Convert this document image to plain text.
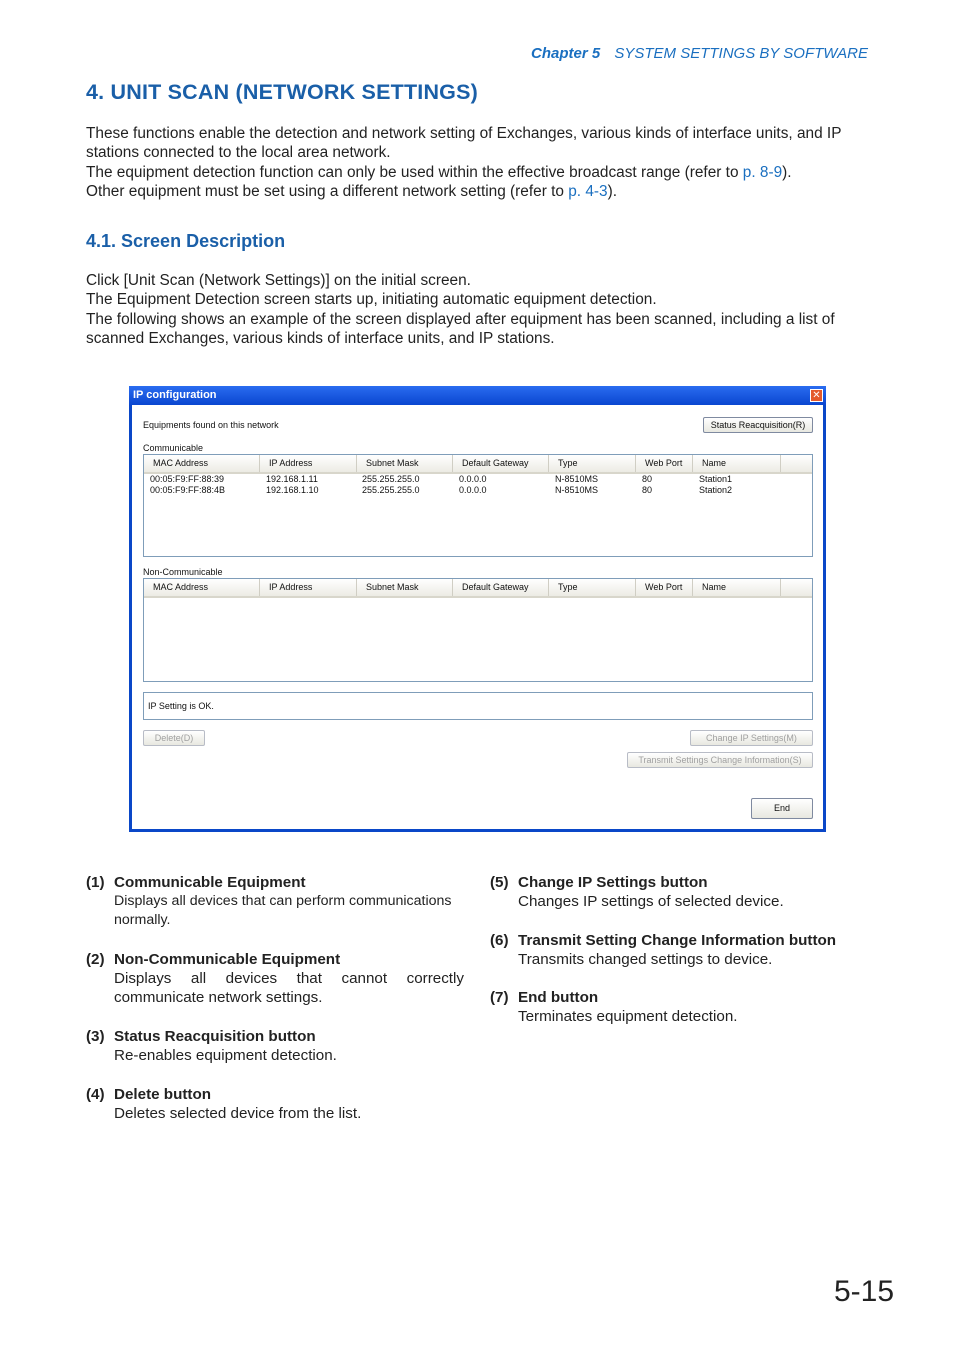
Chapter 5 SYSTEM SETTINGS BY SOFTWARE
4. UNIT SCAN (NETWORK SETTINGS)

These functions enable the detection and network setting of Exchanges, various kinds of interface units, and IP stations connected to the local area network.

The equipment detection function can only be used within the effective broadcast range (refer to p. 8-9).

Other equipment must be set using a different network setting (refer to p. 4-3).

4.1. Screen Description

Click [Unit Scan (Network Settings)] on the initial screen.

The Equipment Detection screen starts up, initiating automatic equipment detection.

The following shows an example of the screen displayed after equipment has been scanned, including a list of scanned Exchanges, various kinds of interface units, and IP stations.

IP configuration	✕
Equipments found on this network	Status Reacquisition(R)
Communicable
MAC Address	IP Address	Subnet Mask	Default Gateway	Type	Web Port	Name
00:05:F9:FF:88:39	192.168.1.11	255.255.255.0	0.0.0.0	N-8510MS	80	Station1
00:05:F9:FF:88:4B	192.168.1.10	255.255.255.0	0.0.0.0	N-8510MS	80	Station2
Non-Communicable
MAC Address	IP Address	Subnet Mask	Default Gateway	Type	Web Port	Name
IP Setting is OK.
Delete(D)	Change IP Settings(M)
Transmit Settings Change Information(S)
End
(1) Communicable Equipment
Displays all devices that can perform communications normally.
(2) Non-Communicable Equipment
Displays all devices that cannot correctly communicate network settings.
(3) Status Reacquisition button
Re-enables equipment detection.
(4) Delete button
Deletes selected device from the list.
(5) Change IP Settings button
Changes IP settings of selected device.
(6) Transmit Setting Change Information button
Transmits changed settings to device.
(7) End button
Terminates equipment detection.
5-15
